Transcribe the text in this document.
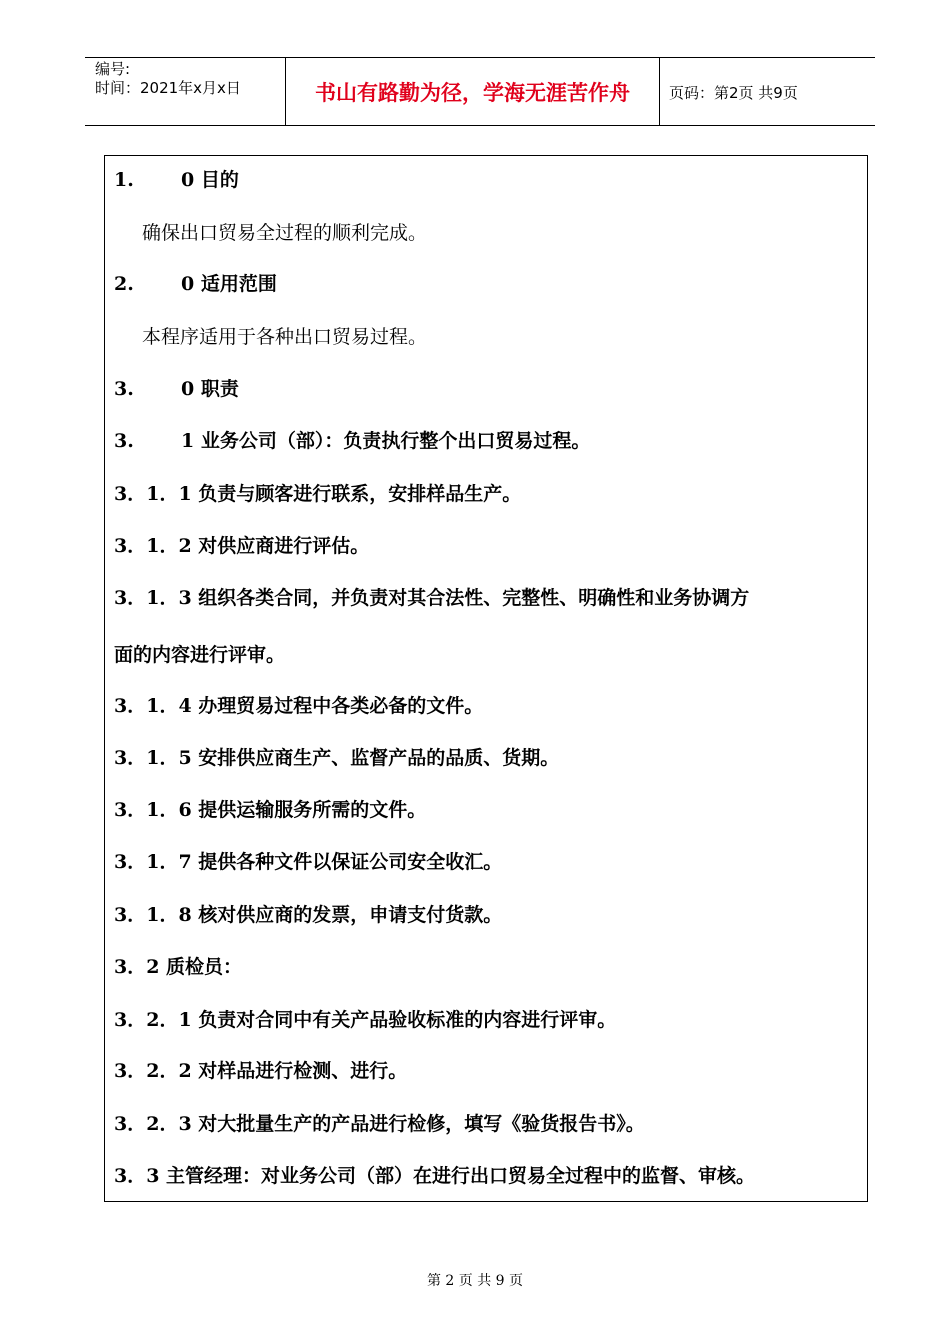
编号:
时间：2021年x月x日	书山有路勤为径，学海无涯苦作舟	页码：第2页 共9页
1. 0 目的
确保出口贸易全过程的顺利完成。
2. 0 适用范围
本程序适用于各种出口贸易过程。
3. 0 职责
3. 1 业务公司（部）：负责执行整个出口贸易过程。
3．1．1 负责与顾客进行联系，安排样品生产。
3．1．2 对供应商进行评估。
3．1．3 组织各类合同，并负责对其合法性、完整性、明确性和业务协调方
面的内容进行评审。
3．1．4 办理贸易过程中各类必备的文件。
3．1．5 安排供应商生产、监督产品的品质、货期。
3．1．6 提供运输服务所需的文件。
3．1．7 提供各种文件以保证公司安全收汇。
3．1．8 核对供应商的发票，申请支付货款。
3．2 质检员：
3．2．1 负责对合同中有关产品验收标准的内容进行评审。
3．2．2 对样品进行检测、进行。
3．2．3 对大批量生产的产品进行检修，填写《验货报告书》。
3．3 主管经理：对业务公司（部）在进行出口贸易全过程中的监督、审核。
第 2 页 共 9 页
